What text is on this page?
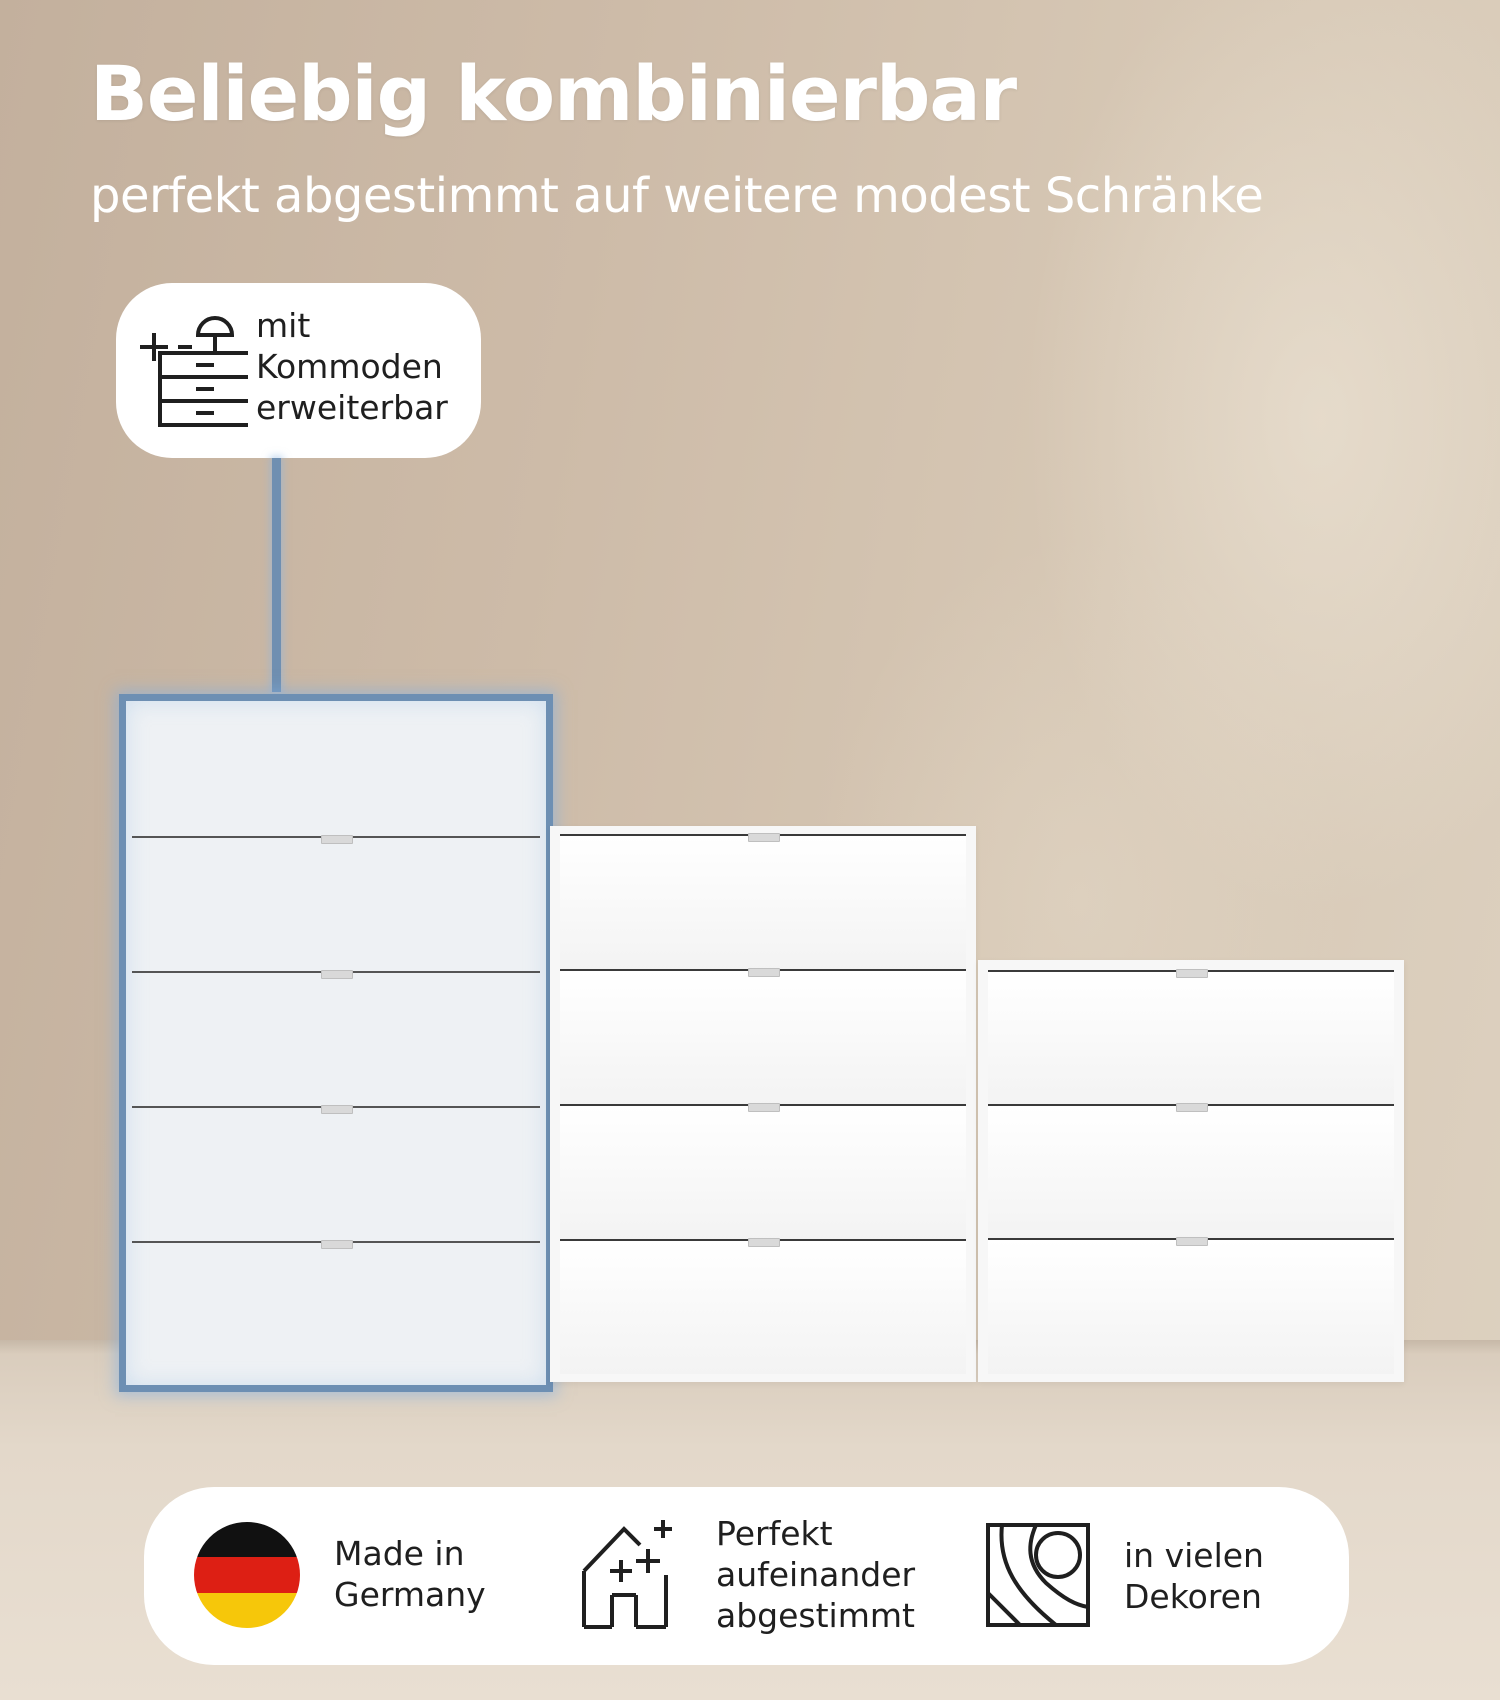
Beliebig kombinierbar

perfekt abgestimmt auf weitere modest Schränke

mit
Kommoden
erweiterbar
Made in
Germany
Perfekt
aufeinander
abgestimmt
in vielen
Dekoren
